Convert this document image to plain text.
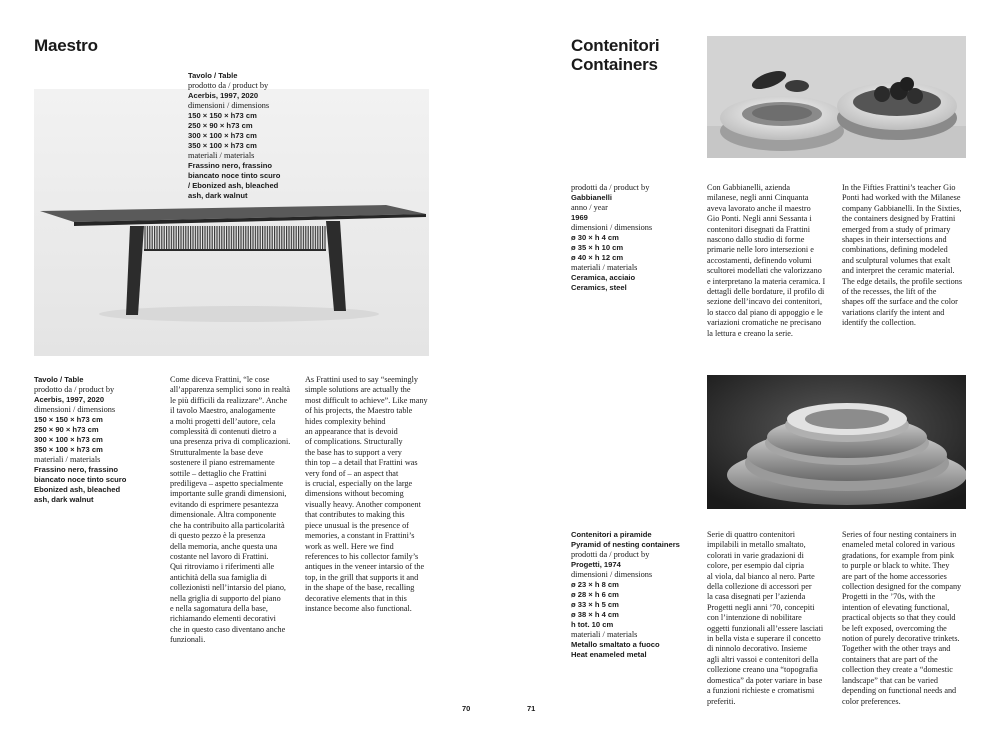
Maestro
Tavolo / Table
prodotto da / product by
Acerbis, 1997, 2020
dimensioni / dimensions
150 × 150 × h73 cm
250 × 90 × h73 cm
300 × 100 × h73 cm
350 × 100 × h73 cm
materiali / materials
Frassino nero, frassino
biancato noce tinto scuro
/ Ebonized ash, bleached
ash, dark walnut
Tavolo / Table
prodotto da / product by
Acerbis, 1997, 2020
dimensioni / dimensions
150 × 150 × h73 cm
250 × 90 × h73 cm
300 × 100 × h73 cm
350 × 100 × h73 cm
materiali / materials
Frassino nero, frassino
biancato noce tinto scuro
Ebonized ash, bleached
ash, dark walnut
Come diceva Frattini, “le cose
all’apparenza semplici sono in realtà
le più difficili da realizzare”. Anche
il tavolo Maestro, analogamente
a molti progetti dell’autore, cela
complessità di contenuti dietro a
una presenza priva di complicazioni.
Strutturalmente la base deve
sostenere il piano estremamente
sottile – dettaglio che Frattini
prediligeva – aspetto specialmente
importante sulle grandi dimensioni,
evitando di esprimere pesantezza
dimensionale. Altra componente
che ha contribuito alla particolarità
di questo pezzo è la presenza
della memoria, anche questa una
costante nel lavoro di Frattini.
Qui ritroviamo i riferimenti alle
antichità della sua famiglia di
collezionisti nell’intarsio del piano,
nella griglia di supporto del piano
e nella sagomatura della base,
richiamando elementi decorativi
che in questo caso diventano anche
funzionali.
As Frattini used to say “seemingly
simple solutions are actually the
most difficult to achieve”. Like many
of his projects, the Maestro table
hides complexity behind
an appearance that is devoid
of complications. Structurally
the base has to support a very
thin top – a detail that Frattini was
very fond of – an aspect that
is crucial, especially on the large
dimensions without becoming
visually heavy. Another component
that contributes to making this
piece unusual is the presence of
memories, a constant in Frattini’s
work as well. Here we find
references to his collector family’s
antiques in the veneer intarsio of the
top, in the grill that supports it and
in the shape of the base, recalling
decorative elements that in this
instance become also functional.
70
Contenitori
Containers
prodotti da / product by
Gabbianelli
anno / year
1969
dimensioni / dimensions
ø 30 × h 4 cm
ø 35 × h 10 cm
ø 40 × h 12 cm
materiali / materials
Ceramica, acciaio
Ceramics, steel
Con Gabbianelli, azienda
milanese, negli anni Cinquanta
aveva lavorato anche il maestro
Gio Ponti. Negli anni Sessanta i
contenitori disegnati da Frattini
nascono dallo studio di forme
primarie nelle loro intersezioni e
accostamenti, definendo volumi
scultorei modellati che valorizzano
e interpretano la materia ceramica. I
dettagli delle bordature, il profilo di
sezione dell’incavo dei contenitori,
lo stacco dal piano di appoggio e le
variazioni cromatiche ne precisano
la lettura e creano la serie.
In the Fifties Frattini’s teacher Gio
Ponti had worked with the Milanese
company Gabbianelli. In the Sixties,
the containers designed by Frattini
emerged from a study of primary
shapes in their intersections and
combinations, defining modeled
and sculptural volumes that exalt
and interpret the ceramic material.
The edge details, the profile sections
of the recesses, the lift of the
shapes off the surface and the color
variations clarify the intent and
identify the collection.
Contenitori a piramide
Pyramid of nesting containers
prodotti da / product by
Progetti, 1974
dimensioni / dimensions
ø 23 × h 8 cm
ø 28 × h 6 cm
ø 33 × h 5 cm
ø 38 × h 4 cm
h tot. 10 cm
materiali / materials
Metallo smaltato a fuoco
Heat enameled metal
Serie di quattro contenitori
impilabili in metallo smaltato,
colorati in varie gradazioni di
colore, per esempio dal cipria
al viola, dal bianco al nero. Parte
della collezione di accessori per
la casa disegnati per l’azienda
Progetti negli anni ’70, concepiti
con l’intenzione di nobilitare
oggetti funzionali all’essere lasciati
in bella vista e superare il concetto
di ninnolo decorativo. Insieme
agli altri vassoi e contenitori della
collezione creano una “topografia
domestica” da poter variare in base
a funzioni richieste e cromatismi
preferiti.
Series of four nesting containers in
enameled metal colored in various
gradations, for example from pink
to purple or black to white. They
are part of the home accessories
collection designed for the company
Progetti in the ’70s, with the
intention of elevating functional,
practical objects so that they could
be left exposed, overcoming the
notion of purely decorative trinkets.
Together with the other trays and
containers that are part of the
collection they create a “domestic
landscape” that can be varied
depending on functional needs and
color preferences.
71
